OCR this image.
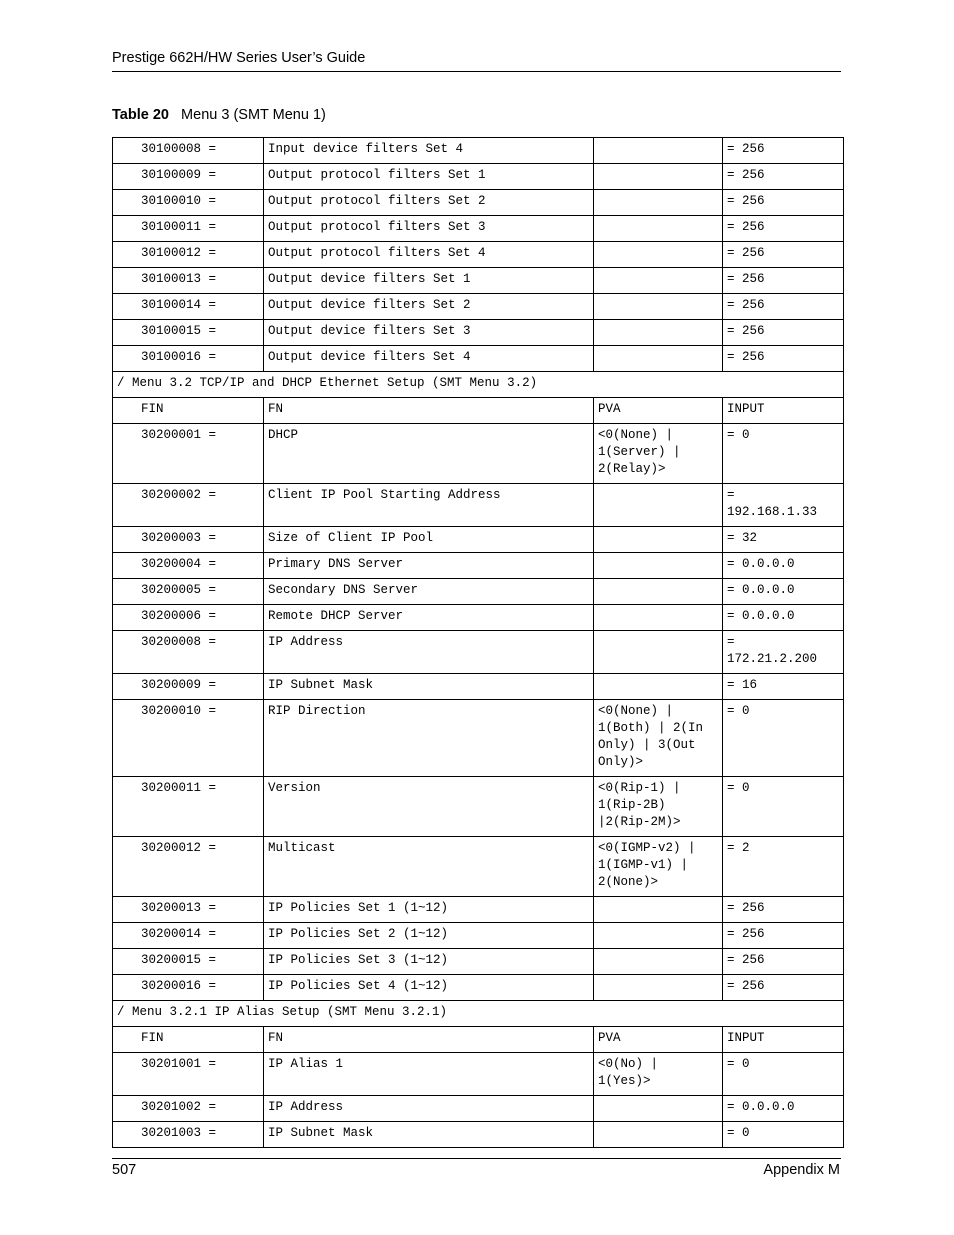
Prestige 662H/HW Series User’s Guide
Table 20 Menu 3 (SMT Menu 1)
30100008 =	Input device filters Set 4		= 256
30100009 =	Output protocol filters Set 1		= 256
30100010 =	Output protocol filters Set 2		= 256
30100011 =	Output protocol filters Set 3		= 256
30100012 =	Output protocol filters Set 4		= 256
30100013 =	Output device filters Set 1		= 256
30100014 =	Output device filters Set 2		= 256
30100015 =	Output device filters Set 3		= 256
30100016 =	Output device filters Set 4		= 256
/ Menu 3.2 TCP/IP and DHCP Ethernet Setup (SMT Menu 3.2)			
FIN	FN	PVA	INPUT
30200001 =	DHCP	<0(None) |
1(Server) |
2(Relay)>	= 0
30200002 =	Client IP Pool Starting Address		=
192.168.1.33
30200003 =	Size of Client IP Pool		= 32
30200004 =	Primary DNS Server		= 0.0.0.0
30200005 =	Secondary DNS Server		= 0.0.0.0
30200006 =	Remote DHCP Server		= 0.0.0.0
30200008 =	IP Address		=
172.21.2.200
30200009 =	IP Subnet Mask		= 16
30200010 =	RIP Direction	<0(None) |
1(Both) | 2(In
Only) | 3(Out
Only)>	= 0
30200011 =	Version	<0(Rip-1) |
1(Rip-2B)
|2(Rip-2M)>	= 0
30200012 =	Multicast	<0(IGMP-v2) |
1(IGMP-v1) |
2(None)>	= 2
30200013 =	IP Policies Set 1 (1~12)		= 256
30200014 =	IP Policies Set 2 (1~12)		= 256
30200015 =	IP Policies Set 3 (1~12)		= 256
30200016 =	IP Policies Set 4 (1~12)		= 256
/ Menu 3.2.1 IP Alias Setup (SMT Menu 3.2.1)			
FIN	FN	PVA	INPUT
30201001 =	IP Alias 1	<0(No) |
1(Yes)>	= 0
30201002 =	IP Address		= 0.0.0.0
30201003 =	IP Subnet Mask		= 0
507	Appendix M
